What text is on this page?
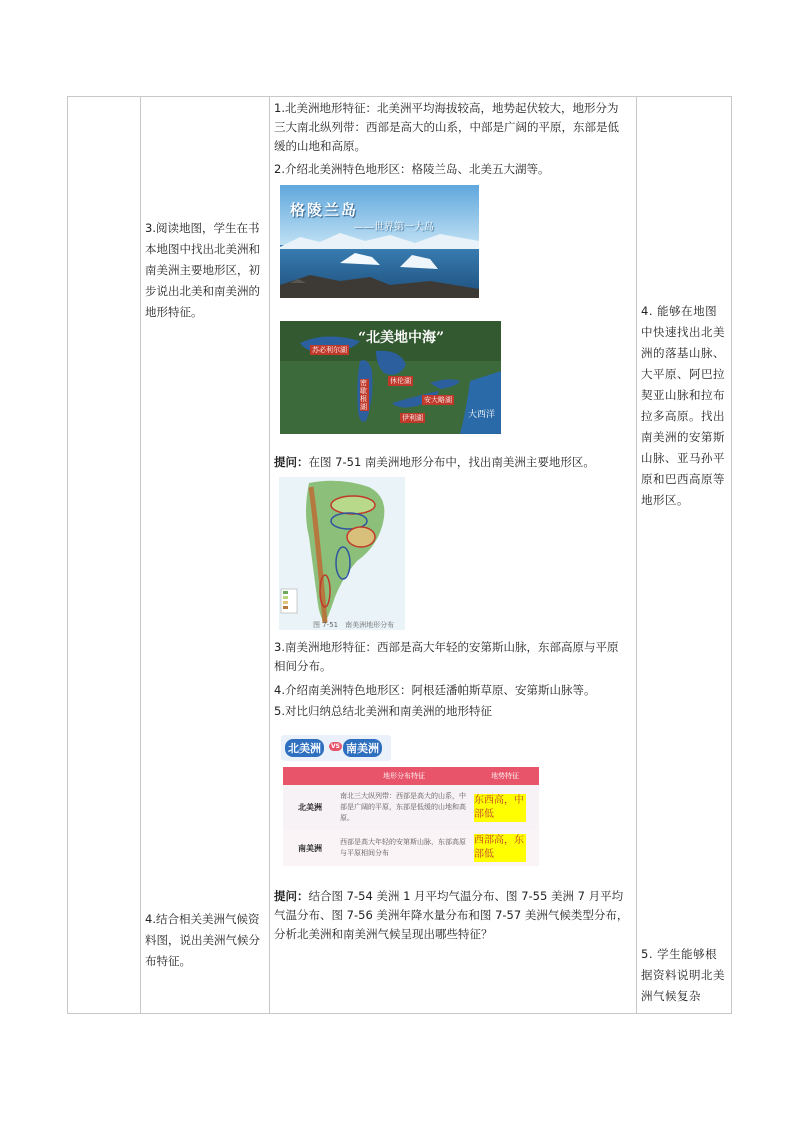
3.阅读地图，学生在书本地图中找出北美洲和南美洲主要地形区，初步说出北美和南美洲的地形特征。
4.结合相关美洲气候资料图，说出美洲气候分布特征。
4. 能够在地图中快速找出北美洲的落基山脉、大平原、阿巴拉契亚山脉和拉布拉多高原。找出南美洲的安第斯山脉、亚马孙平原和巴西高原等地形区。
5. 学生能够根据资料说明北美洲气候复杂
1.北美洲地形特征：北美洲平均海拔较高，地势起伏较大，地形分为三大南北纵列带：西部是高大的山系，中部是广阔的平原，东部是低缓的山地和高原。
2.介绍北美洲特色地形区：格陵兰岛、北美五大湖等。
格陵兰岛
——世界第一大岛
“北美地中海”
苏必利尔湖
休伦湖
密歇根湖
伊利湖
安大略湖
大西洋
提问：在图 7-51 南美洲地形分布中，找出南美洲主要地形区。
图 7-51　南美洲地形分布
3.南美洲地形特征：西部是高大年轻的安第斯山脉，东部高原与平原相间分布。
4.介绍南美洲特色地形区：阿根廷潘帕斯草原、安第斯山脉等。
5.对比归纳总结北美洲和南美洲的地形特征
北美洲	VS 南美洲
	地形分布特征	地势特征
北美洲	南北三大纵列带：西部是高大的山系，中部是广阔的平原，东部是低缓的山地和高原。	东西高，中部低
南美洲	西部是高大年轻的安第斯山脉，东部高原与平原相间分布	西部高，东部低
提问：结合图 7-54 美洲 1 月平均气温分布、图 7-55 美洲 7 月平均气温分布、图 7-56 美洲年降水量分布和图 7-57 美洲气候类型分布，分析北美洲和南美洲气候呈现出哪些特征？
